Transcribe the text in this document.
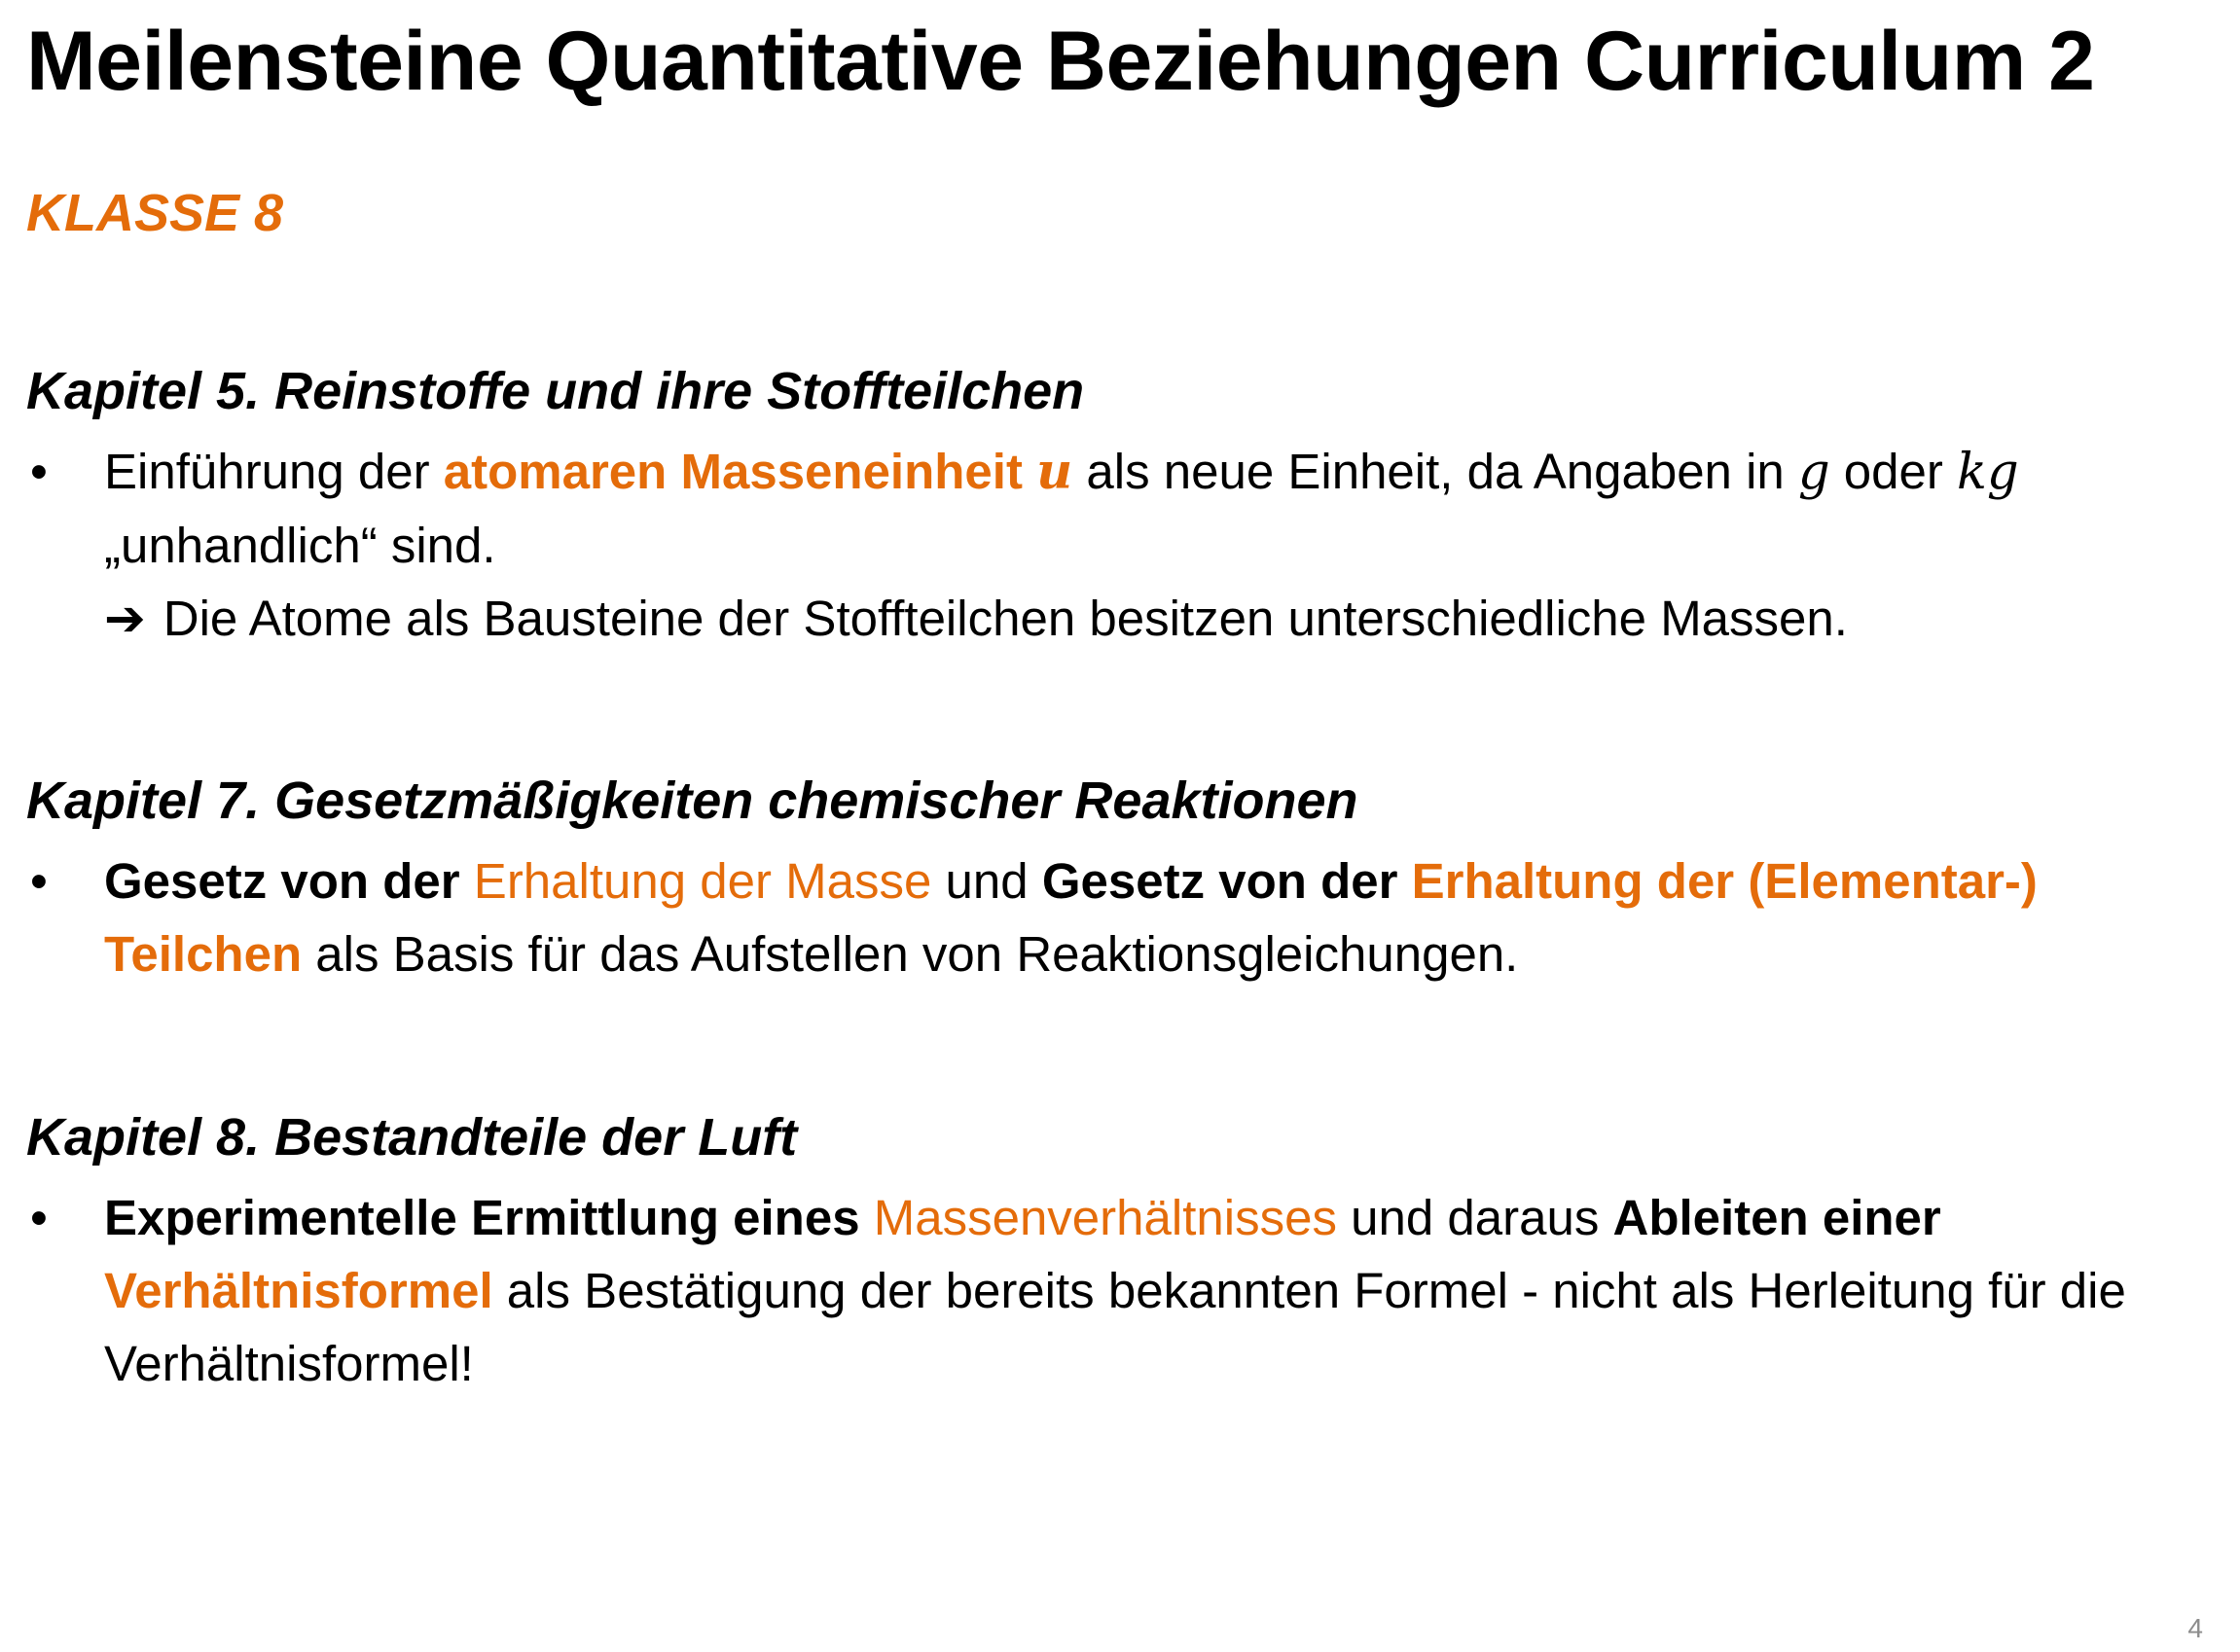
Meilensteine Quantitative Beziehungen Curriculum 2
KLASSE 8
Kapitel 5. Reinstoffe und ihre Stoffteilchen
• Einführung der atomaren Masseneinheit u als neue Einheit, da Angaben in g oder kg
„unhandlich“ sind.
➔ Die Atome als Bausteine der Stoffteilchen besitzen unterschiedliche Massen.
Kapitel 7. Gesetzmäßigkeiten chemischer Reaktionen
• Gesetz von der Erhaltung der Masse und Gesetz von der Erhaltung der (Elementar-) Teilchen als Basis für das Aufstellen von Reaktionsgleichungen.
Kapitel 8. Bestandteile der Luft
• Experimentelle Ermittlung eines Massenverhältnisses und daraus Ableiten einer Verhältnisformel als Bestätigung der bereits bekannten Formel - nicht als Herleitung für die Verhältnisformel!
4
